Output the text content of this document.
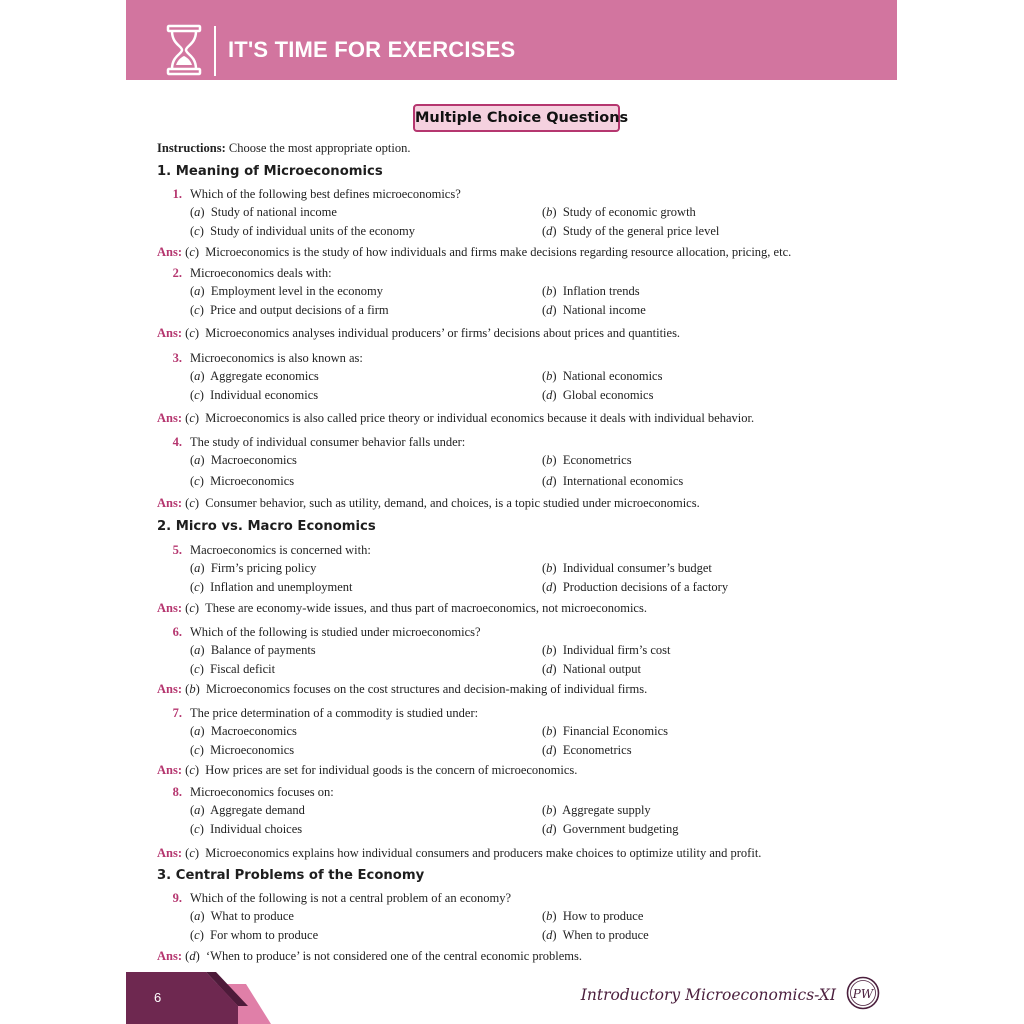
IT'S TIME FOR EXERCISES
Multiple Choice Questions
Instructions: Choose the most appropriate option.
1. Meaning of Microeconomics
2. Micro vs. Macro Economics
3. Central Problems of the Economy
1. Which of the following best defines microeconomics?
(a) Study of national income	(b) Study of economic growth
(c) Study of individual units of the economy	(d) Study of the general price level
Ans: (c) Microeconomics is the study of how individuals and firms make decisions regarding resource allocation, pricing, etc.
2. Microeconomics deals with:
(a) Employment level in the economy	(b) Inflation trends
(c) Price and output decisions of a firm	(d) National income
Ans: (c) Microeconomics analyses individual producers’ or firms’ decisions about prices and quantities.
3. Microeconomics is also known as:
(a) Aggregate economics	(b) National economics
(c) Individual economics	(d) Global economics
Ans: (c) Microeconomics is also called price theory or individual economics because it deals with individual behavior.
4. The study of individual consumer behavior falls under:
(a) Macroeconomics	(b) Econometrics
(c) Microeconomics	(d) International economics
Ans: (c) Consumer behavior, such as utility, demand, and choices, is a topic studied under microeconomics.
5. Macroeconomics is concerned with:
(a) Firm’s pricing policy	(b) Individual consumer’s budget
(c) Inflation and unemployment	(d) Production decisions of a factory
Ans: (c) These are economy-wide issues, and thus part of macroeconomics, not microeconomics.
6. Which of the following is studied under microeconomics?
(a) Balance of payments	(b) Individual firm’s cost
(c) Fiscal deficit	(d) National output
Ans: (b) Microeconomics focuses on the cost structures and decision-making of individual firms.
7. The price determination of a commodity is studied under:
(a) Macroeconomics	(b) Financial Economics
(c) Microeconomics	(d) Econometrics
Ans: (c) How prices are set for individual goods is the concern of microeconomics.
8. Microeconomics focuses on:
(a) Aggregate demand	(b) Aggregate supply
(c) Individual choices	(d) Government budgeting
Ans: (c) Microeconomics explains how individual consumers and producers make choices to optimize utility and profit.
9. Which of the following is not a central problem of an economy?
(a) What to produce	(b) How to produce
(c) For whom to produce	(d) When to produce
Ans: (d) ‘When to produce’ is not considered one of the central economic problems.
6	Introductory Microeconomics-XI PW
